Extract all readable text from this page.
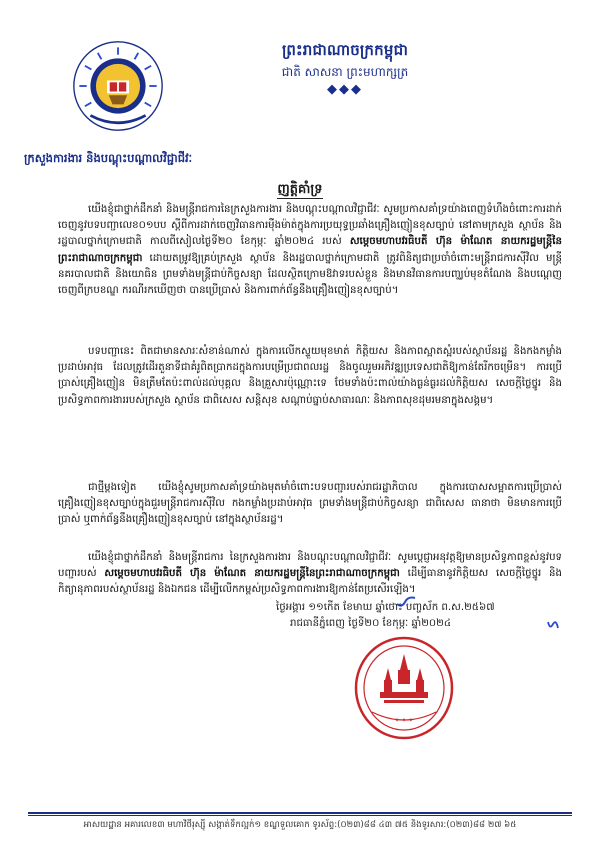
ព្រះរាជាណាចក្រកម្ពុជា
ជាតិ សាសនា ព្រះមហាក្សត្រ
◆◆◆
ក្រសួងការងារ និងបណ្តុះបណ្តាលវិជ្ជាជីវៈ
ញត្តិគាំទ្រ
យើងខ្ញុំជាថ្នាក់ដឹកនាំ និងមន្ត្រីរាជការនៃក្រសួងការងារ និងបណ្តុះបណ្តាលវិជ្ជាជីវៈ សូមប្រកាសគាំទ្រយ៉ាងពេញទំហឹងចំពោះការដាក់ចេញនូវបទបញ្ជាលេខ០១បប ស្តីពីការដាក់ចេញវិធានការម៉ឺងម៉ាត់ក្នុងការប្រយុទ្ធប្រឆាំងគ្រឿងញៀនខុសច្បាប់ នៅតាមក្រសួង ស្ថាប័ន និងរដ្ឋបាលថ្នាក់ក្រោមជាតិ កាលពីសៀលថ្ងៃទី២០ ខែកុម្ភៈ ឆ្នាំ២០២៤ របស់ សម្តេចមហាបវរធិបតី ហ៊ុន ម៉ាណែត នាយករដ្ឋមន្ត្រីនៃព្រះរាជាណាចក្រកម្ពុជា ដោយតម្រូវឱ្យគ្រប់ក្រសួង ស្ថាប័ន និងរដ្ឋបាលថ្នាក់ក្រោមជាតិ ត្រូវពិនិត្យជាប្រចាំចំពោះមន្ត្រីរាជការស៊ីវិល មន្ត្រីនគរបាលជាតិ និងយោធិន ព្រមទាំងមន្ត្រីជាប់កិច្ចសន្យា ដែលស្ថិតក្រោមឱវាទរបស់ខ្លួន និងមានវិធានការបញ្ឈប់មុខតំណែង និងបណ្តេញចេញពីក្របខណ្ឌ ករណីរកឃើញថា បានប្រើប្រាស់ និងការពាក់ព័ន្ធនឹងគ្រឿងញៀនខុសច្បាប់។
បទបញ្ជានេះ ពិតជាមានសារៈសំខាន់ណាស់ ក្នុងការលើកស្ទួយមុខមាត់ កិត្តិយស និងភាពស្អាតស្អំរបស់ស្ថាប័នរដ្ឋ និងកងកម្លាំងប្រដាប់អាវុធ ដែលត្រូវដើរតួនាទីជាគំរូពិតប្រាកដក្នុងការបម្រើប្រជាពលរដ្ឋ និងចូលរួមអភិវឌ្ឍប្រទេសជាតិឱ្យកាន់តែរីកចម្រើន។ ការប្រើប្រាស់គ្រឿងញៀន មិនត្រឹមតែប៉ះពាល់ដល់បុគ្គល និងគ្រួសារប៉ុណ្ណោះទេ ថែមទាំងប៉ះពាល់យ៉ាងធ្ងន់ធ្ងរដល់កិត្តិយស សេចក្តីថ្លៃថ្នូរ និងប្រសិទ្ធភាពការងាររបស់ក្រសួង ស្ថាប័ន ជាពិសេស សន្តិសុខ សណ្តាប់ធ្នាប់សាធារណៈ និងភាពសុខដុមរមនាក្នុងសង្គម។
ជាថ្មីម្តងទៀត យើងខ្ញុំសូមប្រកាសគាំទ្រយ៉ាងមុតមាំចំពោះបទបញ្ជារបស់រាជរដ្ឋាភិបាល ក្នុងការបោសសម្អាតការប្រើប្រាស់គ្រឿងញៀនខុសច្បាប់ក្នុងជួរមន្ត្រីរាជការស៊ីវិល កងកម្លាំងប្រដាប់អាវុធ ព្រមទាំងមន្ត្រីជាប់កិច្ចសន្យា ជាពិសេស ធានាថា មិនមានការប្រើប្រាស់ ឬពាក់ព័ន្ធនឹងគ្រឿងញៀនខុសច្បាប់ នៅក្នុងស្ថាប័នរដ្ឋ។
យើងខ្ញុំជាថ្នាក់ដឹកនាំ និងមន្ត្រីរាជការ នៃក្រសួងការងារ និងបណ្តុះបណ្តាលវិជ្ជាជីវៈ សូមប្តេជ្ញាអនុវត្តឱ្យមានប្រសិទ្ធភាពខ្ពស់នូវបទបញ្ជារបស់ សម្តេចមហាបវរធិបតី ហ៊ុន ម៉ាណែត នាយករដ្ឋមន្ត្រីនៃព្រះរាជាណាចក្រកម្ពុជា ដើម្បីធានានូវកិត្តិយស សេចក្តីថ្លៃថ្នូរ និងកិត្យានុភាពរបស់ស្ថាប័នរដ្ឋ និងឯកជន ដើម្បីលើកកម្ពស់ប្រសិទ្ធភាពការងារឱ្យកាន់តែប្រសើរឡើង។
ថ្ងៃអង្គារ ១១កើត ខែមាឃ ឆ្នាំថោះ បញ្ចស័ក ព.ស.២៥៦៧
រាជធានីភ្នំពេញ ថ្ងៃទី២០ ខែកុម្ភៈ ឆ្នាំ២០២៤
✦ ✦ ✦
អាសយដ្ឋាន អគារលេខ៣ មហាវិថីរុស្ស៊ី សង្កាត់ទឹកល្អក់១ ខណ្ឌទួលគោក ទូរស័ព្ទ:(០២៣)៨៨ ៤៣ ៧៥ និងទូរសារ:(០២៣)៨៨ ២៧ ៦៥
